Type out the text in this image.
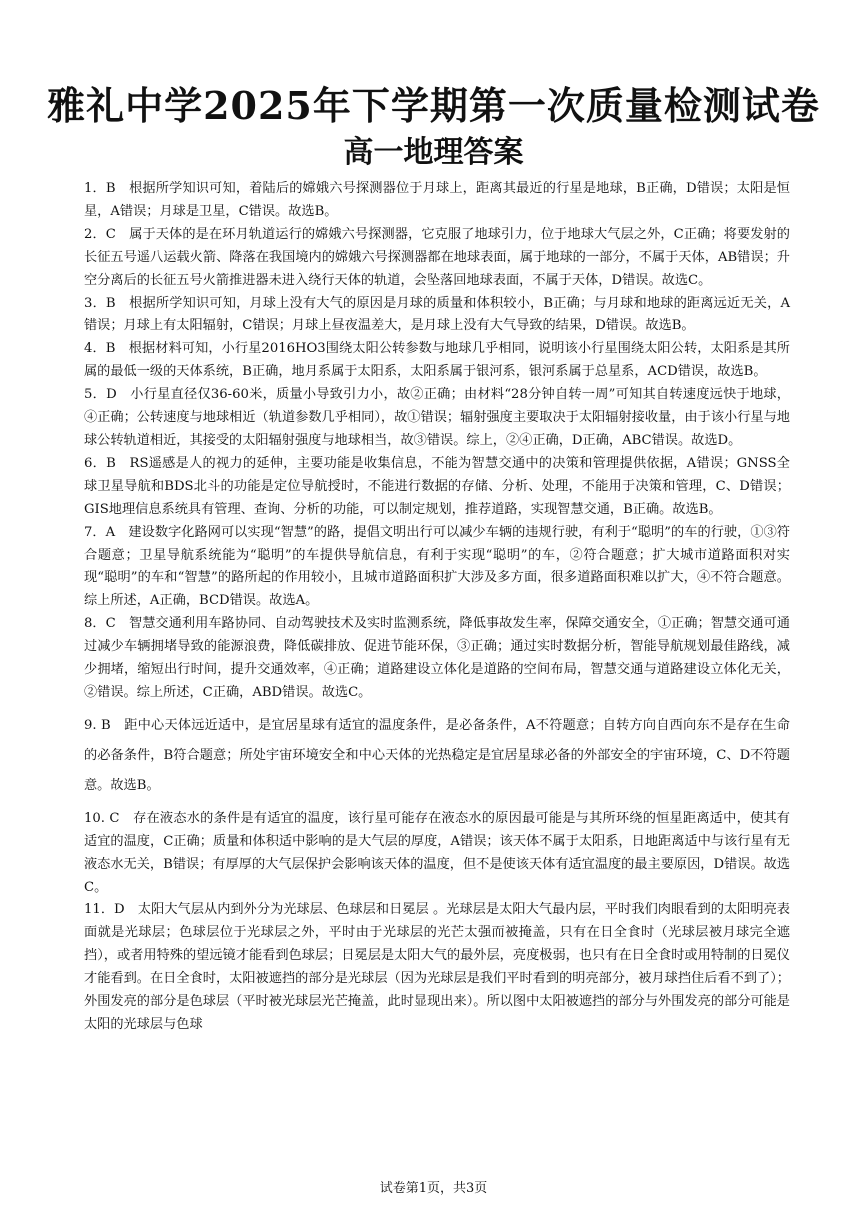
雅礼中学2025年下学期第一次质量检测试卷
高一地理答案

1．B　根据所学知识可知，着陆后的嫦娥六号探测器位于月球上，距离其最近的行星是地球，B正确，D错误；太阳是恒星，A错误；月球是卫星，C错误。故选B。

2．C　属于天体的是在环月轨道运行的嫦娥六号探测器，它克服了地球引力，位于地球大气层之外，C正确；将要发射的长征五号遥八运载火箭、降落在我国境内的嫦娥六号探测器都在地球表面，属于地球的一部分，不属于天体，AB错误；升空分离后的长征五号火箭推进器未进入绕行天体的轨道，会坠落回地球表面，不属于天体，D错误。故选C。

3．B　根据所学知识可知，月球上没有大气的原因是月球的质量和体积较小，B正确；与月球和地球的距离远近无关，A错误；月球上有太阳辐射，C错误；月球上昼夜温差大，是月球上没有大气导致的结果，D错误。故选B。

4．B　根据材料可知，小行星2016HO3围绕太阳公转参数与地球几乎相同，说明该小行星围绕太阳公转，太阳系是其所属的最低一级的天体系统，B正确，地月系属于太阳系，太阳系属于银河系，银河系属于总星系，ACD错误，故选B。

5．D　小行星直径仅36-60米，质量小导致引力小，故②正确；由材料“28分钟自转一周”可知其自转速度远快于地球，④正确；公转速度与地球相近（轨道参数几乎相同），故①错误；辐射强度主要取决于太阳辐射接收量，由于该小行星与地球公转轨道相近，其接受的太阳辐射强度与地球相当，故③错误。综上，②④正确，D正确，ABC错误。故选D。

6．B　RS遥感是人的视力的延伸，主要功能是收集信息，不能为智慧交通中的决策和管理提供依据，A错误；GNSS全球卫星导航和BDS北斗的功能是定位导航授时，不能进行数据的存储、分析、处理，不能用于决策和管理，C、D错误；GIS地理信息系统具有管理、查询、分析的功能，可以制定规划，推荐道路，实现智慧交通，B正确。故选B。

7．A　建设数字化路网可以实现“智慧”的路，提倡文明出行可以减少车辆的违规行驶，有利于“聪明”的车的行驶，①③符合题意；卫星导航系统能为“聪明”的车提供导航信息，有利于实现“聪明”的车，②符合题意；扩大城市道路面积对实现“聪明”的车和“智慧”的路所起的作用较小，且城市道路面积扩大涉及多方面，很多道路面积难以扩大，④不符合题意。综上所述，A正确，BCD错误。故选A。

8．C　智慧交通利用车路协同、自动驾驶技术及实时监测系统，降低事故发生率，保障交通安全，①正确；智慧交通可通过减少车辆拥堵导致的能源浪费，降低碳排放、促进节能环保，③正确；通过实时数据分析，智能导航规划最佳路线，减少拥堵，缩短出行时间，提升交通效率，④正确；道路建设立体化是道路的空间布局，智慧交通与道路建设立体化无关，②错误。综上所述，C正确，ABD错误。故选C。

9. B　距中心天体远近适中，是宜居星球有适宜的温度条件，是必备条件，A不符题意；自转方向自西向东不是存在生命的必备条件，B符合题意；所处宇宙环境安全和中心天体的光热稳定是宜居星球必备的外部安全的宇宙环境，C、D不符题意。故选B。

10. C　存在液态水的条件是有适宜的温度，该行星可能存在液态水的原因最可能是与其所环绕的恒星距离适中，使其有适宜的温度，C正确；质量和体积适中影响的是大气层的厚度，A错误；该天体不属于太阳系，日地距离适中与该行星有无液态水无关，B错误；有厚厚的大气层保护会影响该天体的温度，但不是使该天体有适宜温度的最主要原因，D错误。故选C。

11．D　太阳大气层从内到外分为光球层、色球层和日冕层 。光球层是太阳大气最内层，平时我们肉眼看到的太阳明亮表面就是光球层；色球层位于光球层之外，平时由于光球层的光芒太强而被掩盖，只有在日全食时（光球层被月球完全遮挡），或者用特殊的望远镜才能看到色球层；日冕层是太阳大气的最外层，亮度极弱，也只有在日全食时或用特制的日冕仪才能看到。在日全食时，太阳被遮挡的部分是光球层（因为光球层是我们平时看到的明亮部分，被月球挡住后看不到了）；外围发亮的部分是色球层（平时被光球层光芒掩盖，此时显现出来）。所以图中太阳被遮挡的部分与外围发亮的部分可能是太阳的光球层与色球

试卷第1页，共3页
